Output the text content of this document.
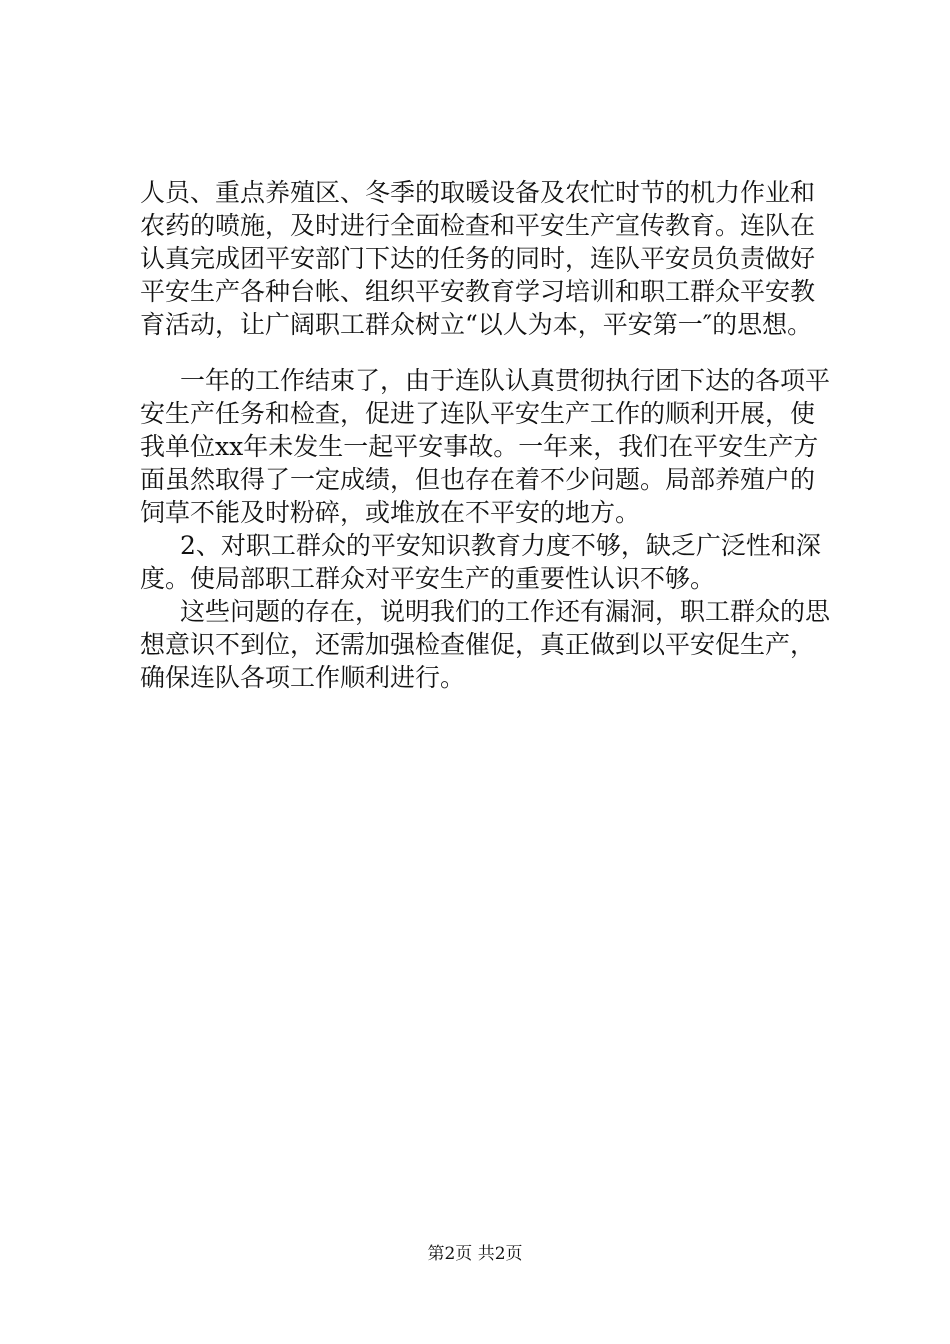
人员、重点养殖区、冬季的取暖设备及农忙时节的机力作业和
农药的喷施，及时进行全面检查和平安生产宣传教育。连队在
认真完成团平安部门下达的任务的同时，连队平安员负责做好
平安生产各种台帐、组织平安教育学习培训和职工群众平安教
育活动，让广阔职工群众树立“以人为本，平安第一″的思想。
一年的工作结束了，由于连队认真贯彻执行团下达的各项平
安生产任务和检查，促进了连队平安生产工作的顺利开展，使
我单位xx年未发生一起平安事故。一年来，我们在平安生产方
面虽然取得了一定成绩，但也存在着不少问题。局部养殖户的
饲草不能及时粉碎，或堆放在不平安的地方。
2、对职工群众的平安知识教育力度不够，缺乏广泛性和深
度。使局部职工群众对平安生产的重要性认识不够。
这些问题的存在，说明我们的工作还有漏洞，职工群众的思
想意识不到位，还需加强检查催促，真正做到以平安促生产，
确保连队各项工作顺利进行。
第2页 共2页
